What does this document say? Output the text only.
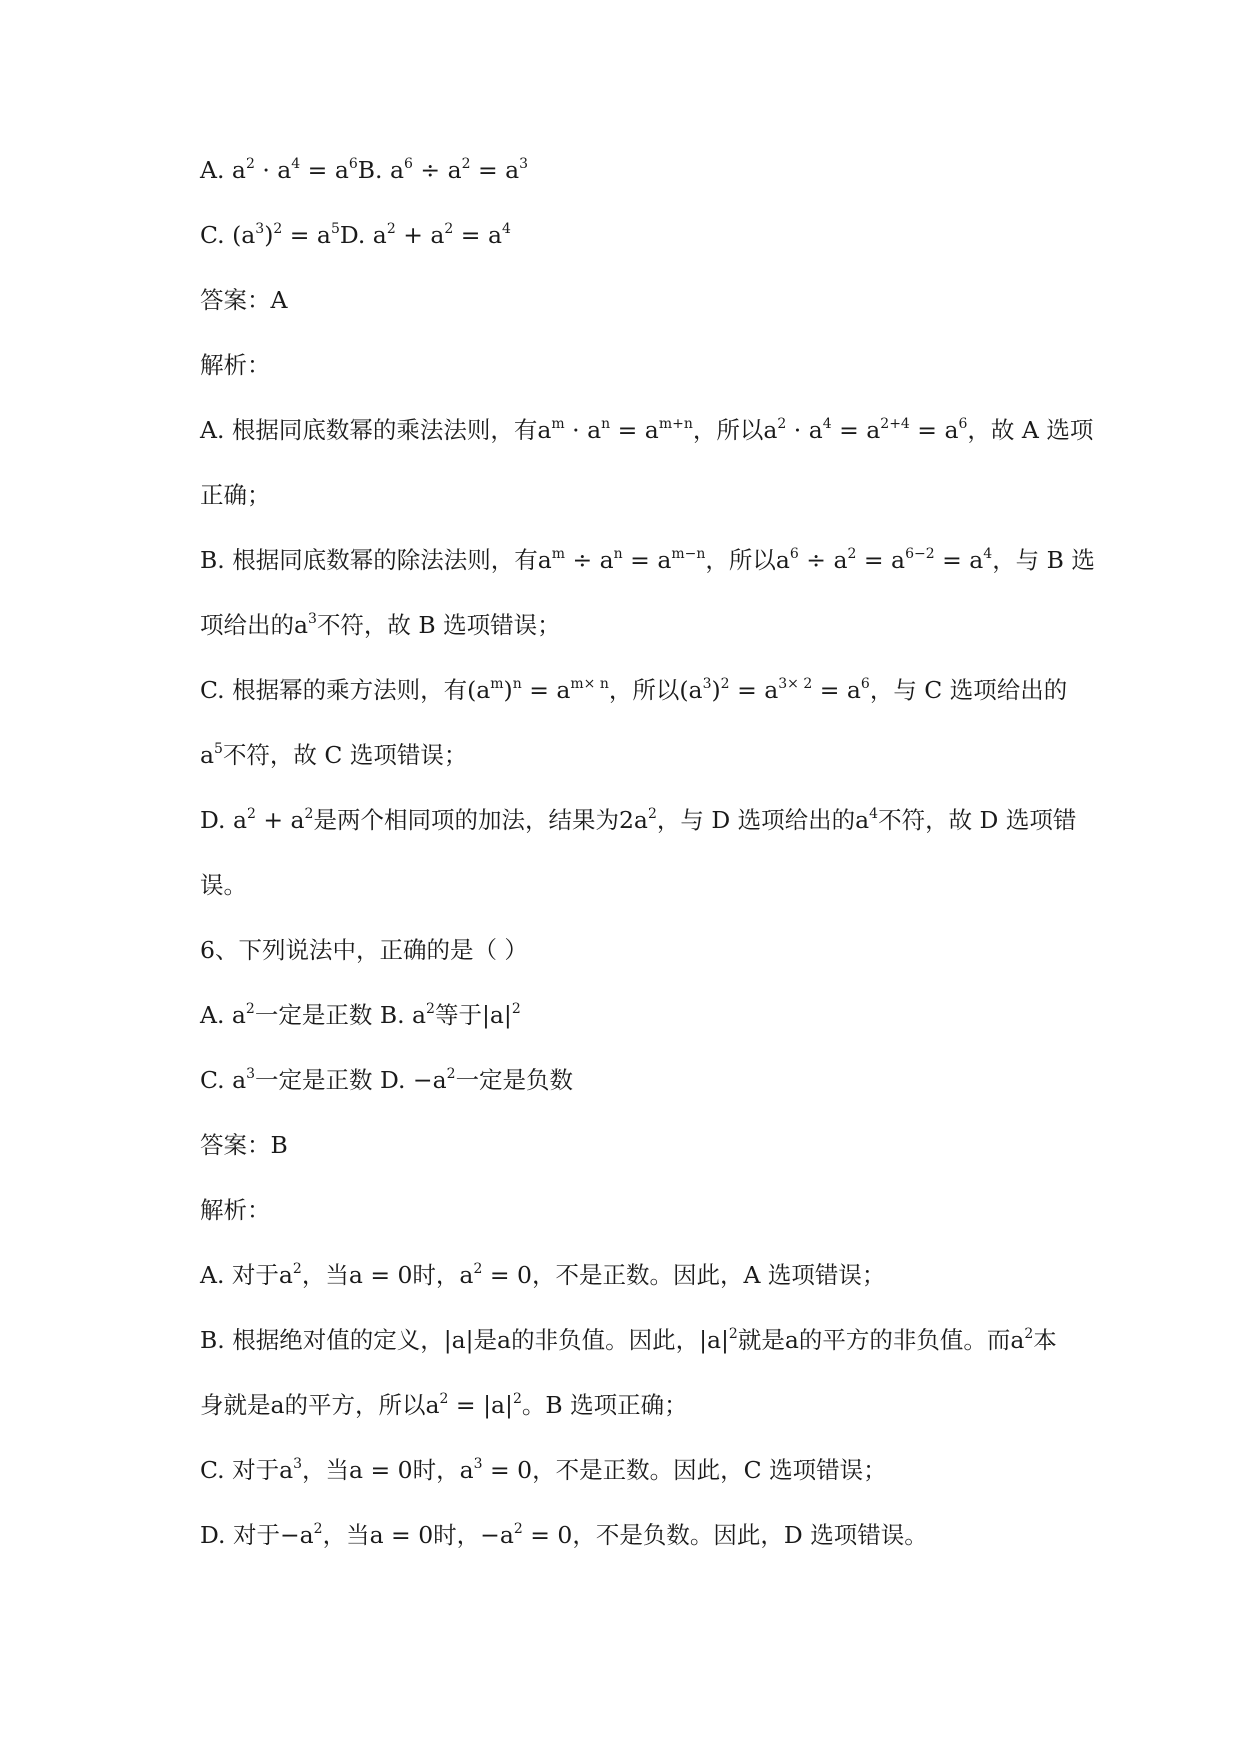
A. $a^2 \cdot a^4 = a^6B$. $a^6 \div a^2 = a^3$
C. $(a^3)^2 = a^5D$. $a^2 + a^2 = a^4$
答案：A
解析：
A. 根据同底数幂的乘法法则，有$a^m \cdot a^n = a^{m+n}$，所以$a^2 \cdot a^4 = a^{2+4} = a^6$，故 A 选项
正确；
B. 根据同底数幂的除法法则，有$a^m \div a^n = a^{m-n}$，所以$a^6 \div a^2 = a^{6-2} = a^4$，与 B 选
项给出的$a^3$不符，故 B 选项错误；
C. 根据幂的乘方法则，有$(a^m)^n = a^{m\times n}$，所以$(a^3)^2 = a^{3\times 2} = a^6$，与 C 选项给出的
$a^5$不符，故 C 选项错误；
D. $a^2 + a^2$是两个相同项的加法，结果为$2a^2$，与 D 选项给出的$a^4$不符，故 D 选项错
误。
6、下列说法中，正确的是（ ）
A. $a^2$一定是正数 B. $a^2$等于$|a|^2$
C. $a^3$一定是正数 D. $-a^2$一定是负数
答案：B
解析：
A. 对于$a^2$，当a = 0时，$a^2 = 0$，不是正数。因此，A 选项错误；
B. 根据绝对值的定义，|a|是a的非负值。因此，$|a|^2$就是a的平方的非负值。而$a^2$本
身就是a的平方，所以$a^2 = |a|^2$。B 选项正确；
C. 对于$a^3$，当a = 0时，$a^3 = 0$，不是正数。因此，C 选项错误；
D. 对于$-a^2$，当a = 0时，$-a^2 = 0$，不是负数。因此，D 选项错误。
